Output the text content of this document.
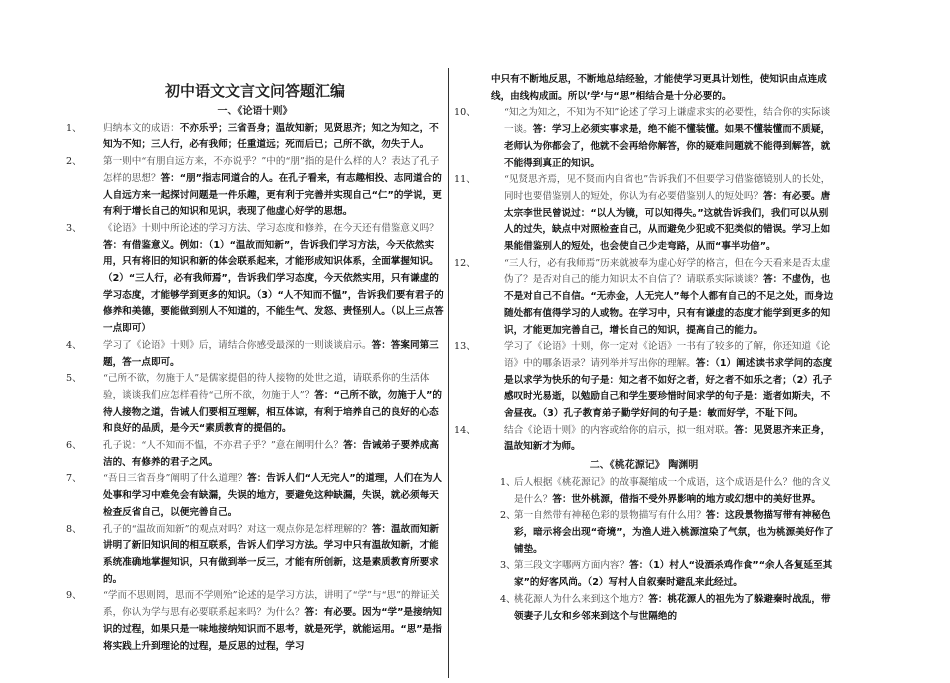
初中语文文言文问答题汇编
一、《论语十则》

1、	归纳本文的成语：不亦乐乎；三省吾身；温故知新；见贤思齐；知之为知之，不知为不知；三人行，必有我师；任重道远；死而后已；己所不欲，勿失于人。

2、	第一则中“有朋自远方来，不亦说乎？”中的“朋”指的是什么样的人？表达了孔子怎样的思想？答：“朋”指志同道合的人。在孔子看来，有志趣相投、志同道合的人自远方来一起探讨问题是一件乐趣，更有利于完善并实现自己“仁”的学说，更有利于增长自己的知识和见识，表现了他虚心好学的思想。

3、	《论语》十则中所论述的学习方法、学习态度和修养，在今天还有借鉴意义吗？答：有借鉴意义。例如：（1）“温故而知新”，告诉我们学习方法，今天依然实用，只有将旧的知识和新的体会联系起来，才能形成知识体系，全面掌握知识。（2）“三人行，必有我师焉”，告诉我们学习态度，今天依然实用，只有谦虚的学习态度，才能够学到更多的知识。（3）“人不知而不愠”，告诉我们要有君子的修养和美德，要能做到别人不知道的，不能生气、发怒、责怪别人。（以上三点答一点即可）

4、	学习了《论语》十则》后，请结合你感受最深的一则谈谈启示。答：答案同第三题，答一点即可。

5、	“己所不欲，勿施于人”是儒家提倡的待人接物的处世之道，请联系你的生活体验，谈谈我们应怎样看待“己所不欲，勿施于人”？答：“己所不欲，勿施于人”的待人接物之道，告诫人们要相互理解，相互体谅，有利于培养自己的良好的心态和良好的品质，是今天“素质教育的提倡的。

6、	孔子说：“人不知而不愠，不亦君子乎？”意在阐明什么？答：告诫弟子要养成高洁的、有修养的君子之风。

7、	“吾日三省吾身”阐明了什么道理？答：告诉人们“人无完人”的道理，人们在为人处事和学习中难免会有缺漏，失误的地方，要避免这种缺漏，失误，就必须每天检查反省自己，以便完善自己。

8、	孔子的“温故而知新”的观点对吗？对这一观点你是怎样理解的？答：温故而知新讲明了新旧知识间的相互联系，告诉人们学习方法。学习中只有温故知新，才能系统准确地掌握知识，只有做到举一反三，才能有所创新，这是素质教育所要求的。

9、	“学而不思则罔，思而不学则殆”论述的是学习方法，讲明了“学”与“思”的辩证关系，你认为学与思有必要联系起来吗？为什么？答：有必要。因为“学”是接纳知识的过程，如果只是一味地接纳知识而不思考，就是死学，就能运用。“思”是指将实践上升到理论的过程，是反思的过程，学习

中只有不断地反思，不断地总结经验，才能使学习更具计划性，使知识由点连成线，由线构成面。所以’学‘与“思”相结合是十分必要的。

10、	“知之为知之，不知为不知”论述了学习上谦虚求实的必要性，结合你的实际谈一谈。答：学习上必须实事求是，绝不能不懂装懂。如果不懂装懂而不质疑，老师认为你都会了，他就不会再给你解答，你的疑难问题就不能得到解答，就不能得到真正的知识。

11、	“见贤思齐焉，见不贤而内自省也”告诉我们不但要学习借鉴德镜别人的长处，同时也要借鉴别人的短处，你认为有必要借鉴别人的短处吗？答：有必要。唐太宗李世民曾说过：“以人为镜，可以知得失。”这就告诉我们，我们可以从别人的过失，缺点中对照检查自己，从而避免少犯或不犯类似的错误。学习上如果能借鉴别人的短处，也会使自己少走弯路，从而“事半功倍”。

12、	“三人行，必有我师焉”历来就被奉为虚心好学的格言，但在今天看来是否太虚伪了？是否对自己的能力知识太不自信了？请联系实际谈谈？答：不虚伪，也不是对自己不自信。“无赤金，人无完人”每个人都有自己的不足之处，而身边随处都有值得学习的人或物。在学习中，只有有谦虚的态度才能学到更多的知识，才能更加完善自己，增长自己的知识，提高自己的能力。

13、	学习了《论语》十则，你一定对《论语》一书有了较多的了解，你还知道《论语》中的哪条语录？请列举并写出你的理解。答：（1）阐述读书求学问的态度是以求学为快乐的句子是：知之者不如好之者，好之者不如乐之者；（2）孔子感叹时光易逝，以勉励自己和学生要珍惜时间求学的句子是：逝者如斯夫，不舍昼夜。（3）孔子教育弟子勤学好问的句子是：敏而好学，不耻下问。

14、	结合《论语十则》的内容或给你的启示，拟一组对联。答：见贤思齐来正身，温故知新才为师。

二、《桃花源记》 陶渊明

1、
后人根据《桃花源记》的故事凝缩成一个成语，这个成语是什么？他的含义是什么？答：世外桃源，借指不受外界影响的地方或幻想中的美好世界。

2、
第一自然带有神秘色彩的景物描写有什么用？答：这段景物描写带有神秘色彩，暗示将会出现“奇境”，为渔人进入桃源渲染了气氛，也为桃源美好作了铺垫。

3、
第三段文字哪两方面内容？答：（1）村人“设酒杀鸡作食”“余人各复延至其家”的好客风尚。（2）写村人自叙秦时避乱来此经过。

4、
桃花源人为什么来到这个地方？答：桃花源人的祖先为了躲避秦时战乱，带领妻子儿女和乡邻来到这个与世隔绝的
